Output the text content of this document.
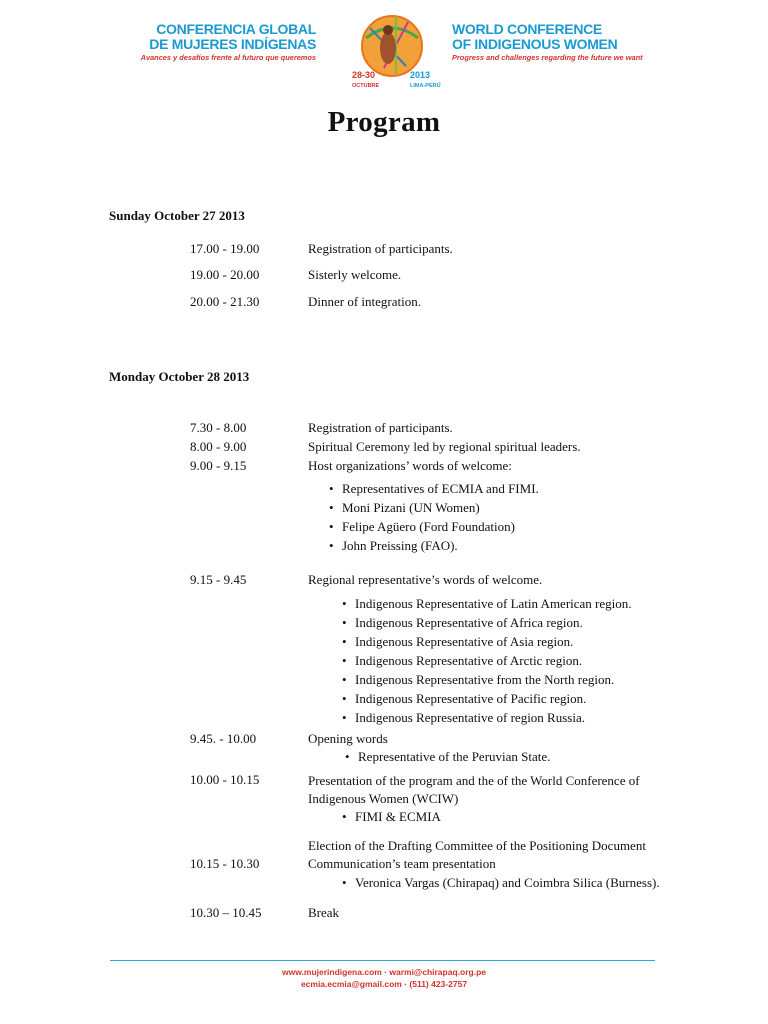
CONFERENCIA GLOBAL
DE MUJERES INDÍGENAS
Avances y desafíos frente al futuro que queremos
28-30
OCTUBRE
2013
LIMA-PERÚ
WORLD CONFERENCE
OF INDIGENOUS WOMEN
Progress and challenges regarding the future we want
Program
Sunday October 27 2013
17.00 - 19.00	Registration of participants.
19.00 - 20.00	Sisterly welcome.
20.00 - 21.30	Dinner of integration.
Monday October 28 2013
7.30 - 8.00	Registration of participants.
8.00 - 9.00	Spiritual Ceremony led by regional spiritual leaders.
9.00 - 9.15	Host organizations’ words of welcome:
• Representatives of ECMIA and FIMI.
• Moni Pizani (UN Women)
• Felipe Agüero (Ford Foundation)
• John Preissing (FAO).
9.15 - 9.45	Regional representative’s words of welcome.
• Indigenous Representative of Latin American region.
• Indigenous Representative of Africa region.
• Indigenous Representative of Asia region.
• Indigenous Representative of Arctic region.
• Indigenous Representative from the North region.
• Indigenous Representative of Pacific region.
• Indigenous Representative of region Russia.
9.45. - 10.00	Opening words
• Representative of the Peruvian State.
10.00 - 10.15	Presentation of the program and the of the World Conference of Indigenous Women (WCIW)
• FIMI & ECMIA
Election of the Drafting Committee of the Positioning Document
10.15 - 10.30	Communication’s team presentation
• Veronica Vargas (Chirapaq) and Coimbra Silica (Burness).
10.30 – 10.45	Break
www.mujerindigena.com · warmi@chirapaq.org.pe
ecmia.ecmia@gmail.com · (511) 423-2757
